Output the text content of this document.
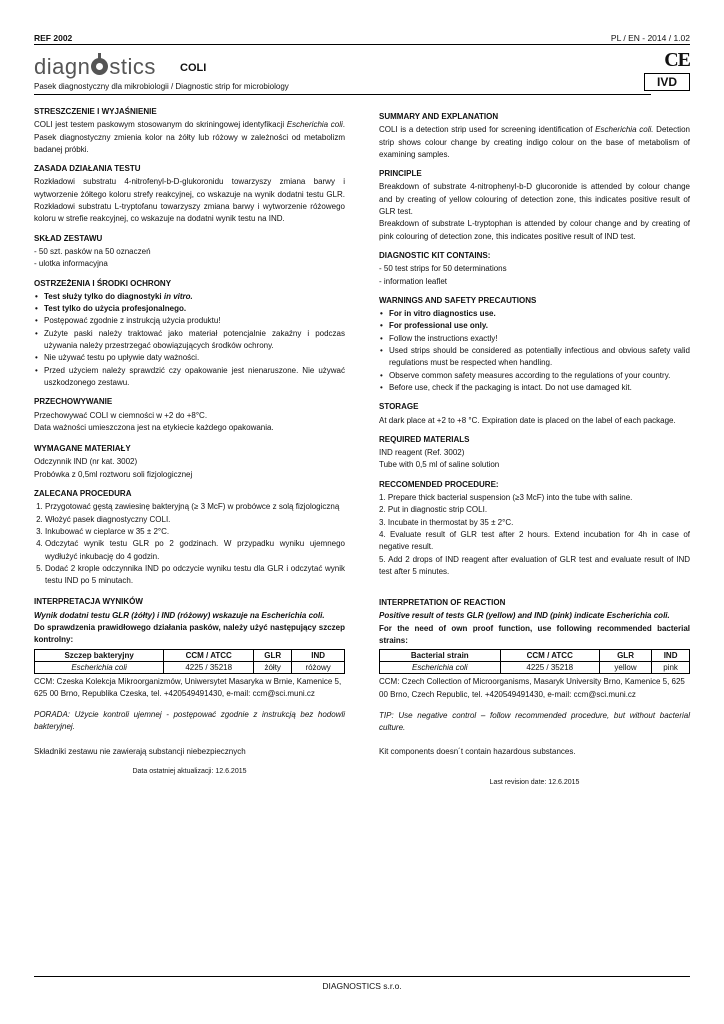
REF 2002	PL / EN - 2014 / 1.02
diagn stics COLI	CE
IVD
Pasek diagnostyczny dla mikrobiologii / Diagnostic strip for microbiology
STRESZCZENIE I WYJAŚNIENIE

COLI jest testem paskowym stosowanym do skriningowej identyfikacji Escherichia coli. Pasek diagnostyczny zmienia kolor na żółty lub różowy w zależności od metabolizm badanej próbki.

ZASADA DZIAŁANIA TESTU

Rozkładowi substratu 4-nitrofenyl-b-D-glukoronidu towarzyszy zmiana barwy i wytworzenie żółtego koloru strefy reakcyjnej, co wskazuje na wynik dodatni testu GLR. Rozkładowi substratu L-tryptofanu towarzyszy zmiana barwy i wytworzenie różowego koloru w strefie reakcyjnej, co wskazuje na dodatni wynik testu na IND.

SKŁAD ZESTAWU

- 50 szt. pasków na 50 oznaczeń

- ulotka informacyjna

OSTRZEŻENIA I ŚRODKI OCHRONY
• Test służy tylko do diagnostyki in vitro.
• Test tylko do użycia profesjonalnego.
• Postępować zgodnie z instrukcją użycia produktu!
• Zużyte paski należy traktować jako materiał potencjalnie zakaźny i podczas używania należy przestrzegać obowiązujących środków ochrony.
• Nie używać testu po upływie daty ważności.
• Przed użyciem należy sprawdzić czy opakowanie jest nienaruszone. Nie używać uszkodzonego zestawu.
PRZECHOWYWANIE

Przechowywać COLI w ciemności w +2 do +8°C.

Data ważności umieszczona jest na etykiecie każdego opakowania.

WYMAGANE MATERIAŁY

Odczynnik IND (nr kat. 3002)

Probówka z 0,5ml roztworu soli fizjologicznej

ZALECANA PROCEDURA
1. Przygotować gęstą zawiesinę bakteryjną (≥ 3 McF) w probówce z solą fizjologiczną
2. Włożyć pasek diagnostyczny COLI.
3. Inkubować w cieplarce w 35 ± 2°C.
4. Odczytać wynik testu GLR po 2 godzinach. W przypadku wyniku ujemnego wydłużyć inkubację do 4 godzin.
5. Dodać 2 krople odczynnika IND po odczycie wyniku testu dla GLR i odczytać wynik testu IND po 5 minutach.
INTERPRETACJA WYNIKÓW

Wynik dodatni testu GLR (żółty) i IND (różowy) wskazuje na Escherichia coli.

Do sprawdzenia prawidłowego działania pasków, należy użyć następujący szczep kontrolny:

Szczep bakteryjny	CCM / ATCC	GLR	IND
Escherichia coli	4225 / 35218	żółty	różowy

CCM: Czeska Kolekcja Mikroorganizmów, Uniwersytet Masaryka w Brnie, Kamenice 5, 625 00 Brno, Republika Czeska, tel. +420549491430, e-mail: ccm@sci.muni.cz

PORADA: Użycie kontroli ujemnej - postępować zgodnie z instrukcją bez hodowli bakteryjnej.

Składniki zestawu nie zawierają substancji niebezpiecznych

Data ostatniej aktualizacji: 12.6.2015
SUMMARY AND EXPLANATION

COLI is a detection strip used for screening identification of Escherichia coli. Detection strip shows colour change by creating indigo colour on the base of metabolism of examining samples.

PRINCIPLE

Breakdown of substrate 4-nitrophenyl-b-D glucoronide is attended by colour change and by creating of yellow colouring of detection zone, this indicates positive result of GLR test.

Breakdown of substrate L-tryptophan is attended by colour change and by creating of pink colouring of detection zone, this indicates positive result of IND test.

DIAGNOSTIC KIT CONTAINS:

- 50 test strips for 50 determinations

- information leaflet

WARNINGS AND SAFETY PRECAUTIONS
• For in vitro diagnostics use.
• For professional use only.
• Follow the instructions exactly!
• Used strips should be considered as potentially infectious and obvious safety valid regulations must be respected when handling.
• Observe common safety measures according to the regulations of your country.
• Before use, check if the packaging is intact. Do not use damaged kit.
STORAGE

At dark place at +2 to +8 °C. Expiration date is placed on the label of each package.

REQUIRED MATERIALS

IND reagent (Ref. 3002)

Tube with 0,5 ml of saline solution

RECCOMENDED PROCEDURE:

1. Prepare thick bacterial suspension (≥3 McF) into the tube with saline.

2. Put in diagnostic strip COLI.

3. Incubate in thermostat by 35 ± 2°C.

4. Evaluate result of GLR test after 2 hours. Extend incubation for 4h in case of negative result.

5. Add 2 drops of IND reagent after evaluation of GLR test and evaluate result of IND test after 5 minutes.

INTERPRETATION OF REACTION

Positive result of tests GLR (yellow) and IND (pink) indicate Escherichia coli.

For the need of own proof function, use following recommended bacterial strains:

Bacterial strain	CCM / ATCC	GLR	IND
Escherichia coli	4225 / 35218	yellow	pink

CCM: Czech Collection of Microorganisms, Masaryk University Brno, Kamenice 5, 625 00 Brno, Czech Republic, tel. +420549491430, e-mail: ccm@sci.muni.cz

TIP: Use negative control – follow recommended procedure, but without bacterial culture.

Kit components doesn´t contain hazardous substances.

Last revision date: 12.6.2015
DIAGNOSTICS s.r.o.
